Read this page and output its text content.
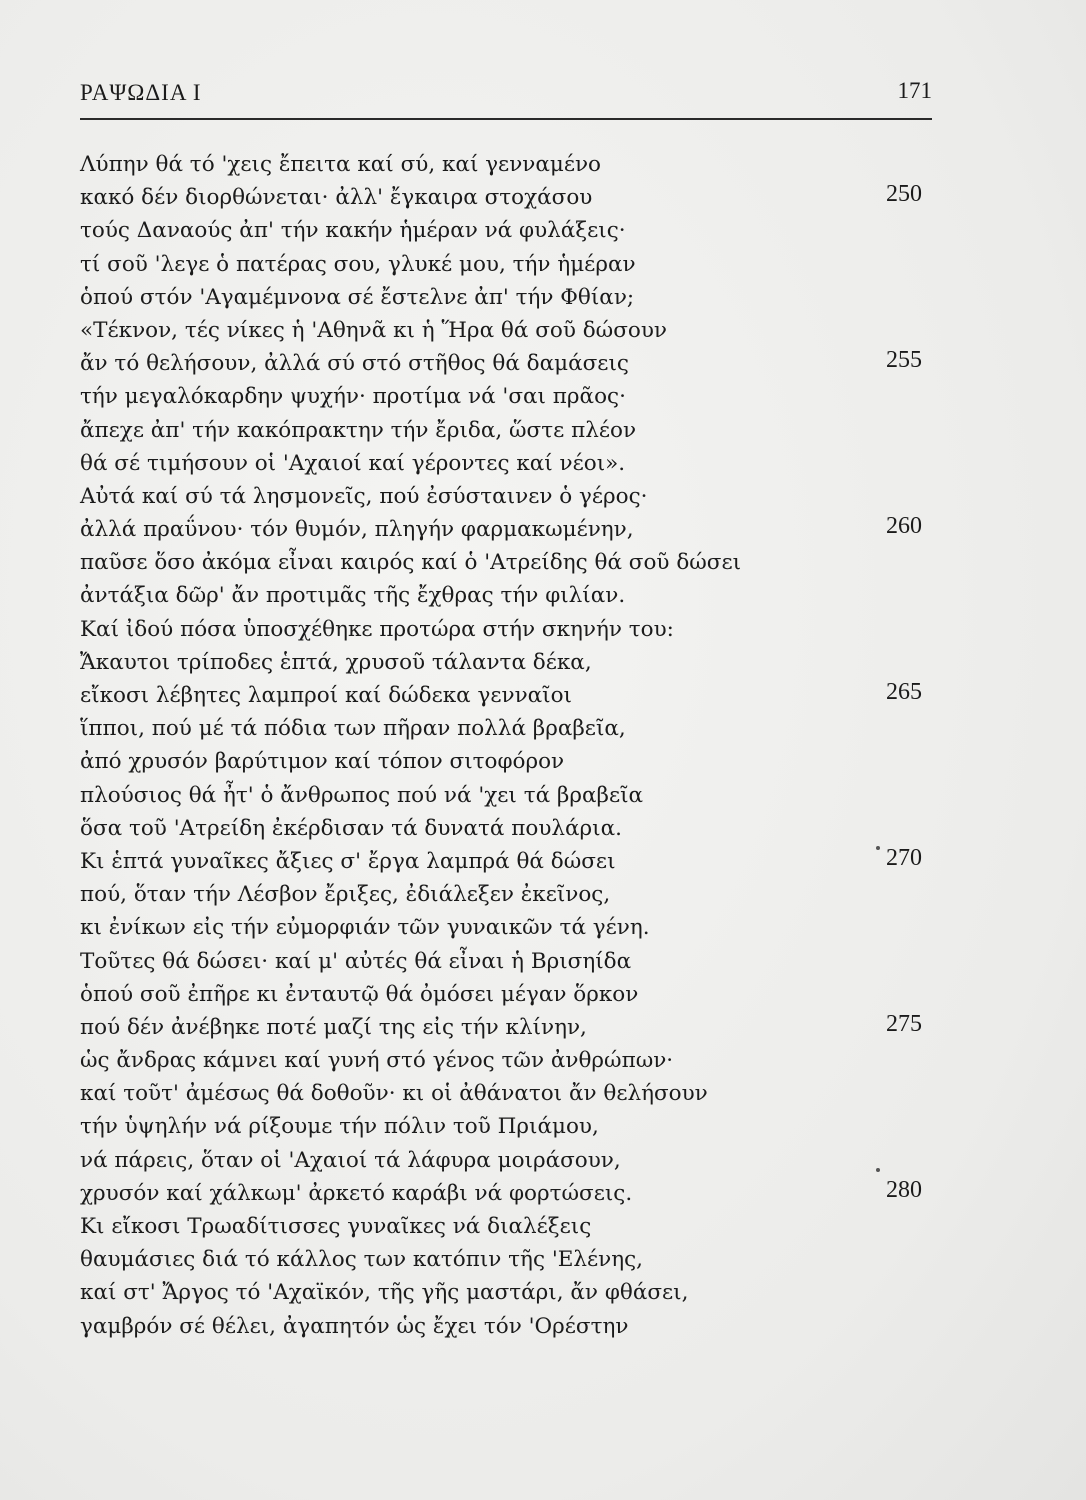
ΡΑΨΩΔΙΑ Ι	171
Λύπην θά τό 'χεις ἔπειτα καί σύ, καί γενναμένο
κακό δέν διορθώνεται· ἀλλ' ἔγκαιρα στοχάσου	250
τούς Δαναούς ἀπ' τήν κακήν ἡμέραν νά φυλάξεις·
τί σοῦ 'λεγε ὁ πατέρας σου, γλυκέ μου, τήν ἡμέραν
ὁπού στόν 'Αγαμέμνονα σέ ἔστελνε ἀπ' τήν Φθίαν;
«Τέκνον, τές νίκες ἡ 'Αθηνᾶ κι ἡ Ἥρα θά σοῦ δώσουν
ἄν τό θελήσουν, ἀλλά σύ στό στῆθος θά δαμάσεις	255
τήν μεγαλόκαρδην ψυχήν· προτίμα νά 'σαι πρᾶος·
ἄπεχε ἀπ' τήν κακόπρακτην τήν ἔριδα, ὥστε πλέον
θά σέ τιμήσουν οἱ 'Αχαιοί καί γέροντες καί νέοι».
Αὐτά καί σύ τά λησμονεῖς, πού ἐσύσταινεν ὁ γέρος·
ἀλλά πραΰνου· τόν θυμόν, πληγήν φαρμακωμένην,	260
παῦσε ὅσο ἀκόμα εἶναι καιρός καί ὁ 'Ατρείδης θά σοῦ δώσει
ἀντάξια δῶρ' ἄν προτιμᾶς τῆς ἔχθρας τήν φιλίαν.
Καί ἰδού πόσα ὑποσχέθηκε προτώρα στήν σκηνήν του:
Ἄκαυτοι τρίποδες ἑπτά, χρυσοῦ τάλαντα δέκα,
εἴκοσι λέβητες λαμπροί καί δώδεκα γενναῖοι	265
ἵπποι, πού μέ τά πόδια των πῆραν πολλά βραβεῖα,
ἀπό χρυσόν βαρύτιμον καί τόπον σιτοφόρον
πλούσιος θά ἦτ' ὁ ἄνθρωπος πού νά 'χει τά βραβεῖα
ὅσα τοῦ 'Ατρείδη ἐκέρδισαν τά δυνατά πουλάρια.
Κι ἑπτά γυναῖκες ἄξιες σ' ἔργα λαμπρά θά δώσει	270
πού, ὅταν τήν Λέσβον ἔριξες, ἐδιάλεξεν ἐκεῖνος,
κι ἐνίκων εἰς τήν εὐμορφιάν τῶν γυναικῶν τά γένη.
Τοῦτες θά δώσει· καί μ' αὐτές θά εἶναι ἡ Βρισηίδα
ὁπού σοῦ ἐπῆρε κι ἐνταυτῷ θά ὀμόσει μέγαν ὅρκον
πού δέν ἀνέβηκε ποτέ μαζί της εἰς τήν κλίνην,	275
ὡς ἄνδρας κάμνει καί γυνή στό γένος τῶν ἀνθρώπων·
καί τοῦτ' ἀμέσως θά δοθοῦν· κι οἱ ἀθάνατοι ἄν θελήσουν
τήν ὑψηλήν νά ρίξουμε τήν πόλιν τοῦ Πριάμου,
νά πάρεις, ὅταν οἱ 'Αχαιοί τά λάφυρα μοιράσουν,
χρυσόν καί χάλκωμ' ἀρκετό καράβι νά φορτώσεις.	280
Κι εἴκοσι Τρωαδίτισσες γυναῖκες νά διαλέξεις
θαυμάσιες διά τό κάλλος των κατόπιν τῆς 'Ελένης,
καί στ' Ἄργος τό 'Αχαϊκόν, τῆς γῆς μαστάρι, ἄν φθάσει,
γαμβρόν σέ θέλει, ἀγαπητόν ὡς ἔχει τόν 'Ορέστην
